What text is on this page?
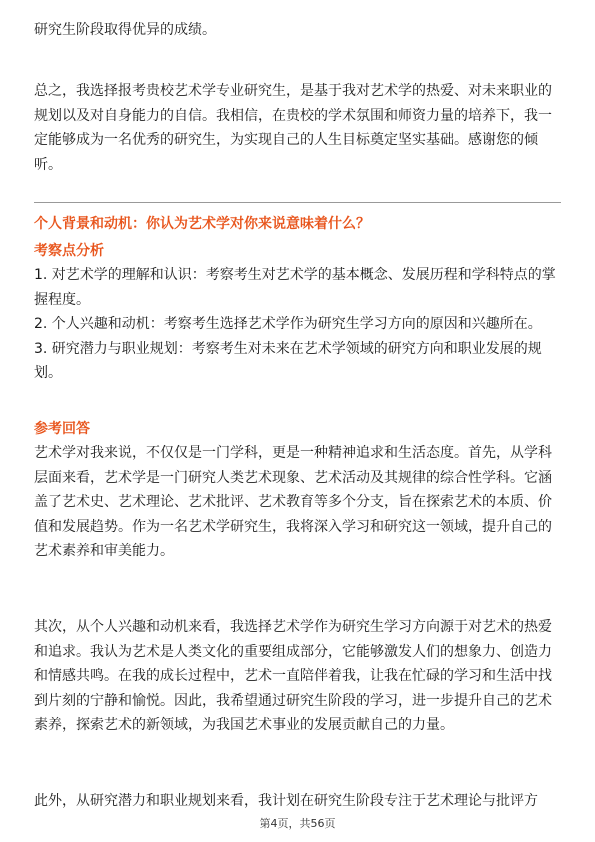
研究生阶段取得优异的成绩。

总之，我选择报考贵校艺术学专业研究生，是基于我对艺术学的热爱、对未来职业的规划以及对自身能力的自信。我相信，在贵校的学术氛围和师资力量的培养下，我一定能够成为一名优秀的研究生，为实现自己的人生目标奠定坚实基础。感谢您的倾听。

个人背景和动机：你认为艺术学对你来说意味着什么？
考察点分析
1. 对艺术学的理解和认识：考察考生对艺术学的基本概念、发展历程和学科特点的掌握程度。
2. 个人兴趣和动机：考察考生选择艺术学作为研究生学习方向的原因和兴趣所在。
3. 研究潜力与职业规划：考察考生对未来在艺术学领域的研究方向和职业发展的规划。
参考回答

艺术学对我来说，不仅仅是一门学科，更是一种精神追求和生活态度。首先，从学科层面来看，艺术学是一门研究人类艺术现象、艺术活动及其规律的综合性学科。它涵盖了艺术史、艺术理论、艺术批评、艺术教育等多个分支，旨在探索艺术的本质、价值和发展趋势。作为一名艺术学研究生，我将深入学习和研究这一领域，提升自己的艺术素养和审美能力。

其次，从个人兴趣和动机来看，我选择艺术学作为研究生学习方向源于对艺术的热爱和追求。我认为艺术是人类文化的重要组成部分，它能够激发人们的想象力、创造力和情感共鸣。在我的成长过程中，艺术一直陪伴着我，让我在忙碌的学习和生活中找到片刻的宁静和愉悦。因此，我希望通过研究生阶段的学习，进一步提升自己的艺术素养，探索艺术的新领域，为我国艺术事业的发展贡献自己的力量。

此外，从研究潜力和职业规划来看，我计划在研究生阶段专注于艺术理论与批评方

第4页，共56页
